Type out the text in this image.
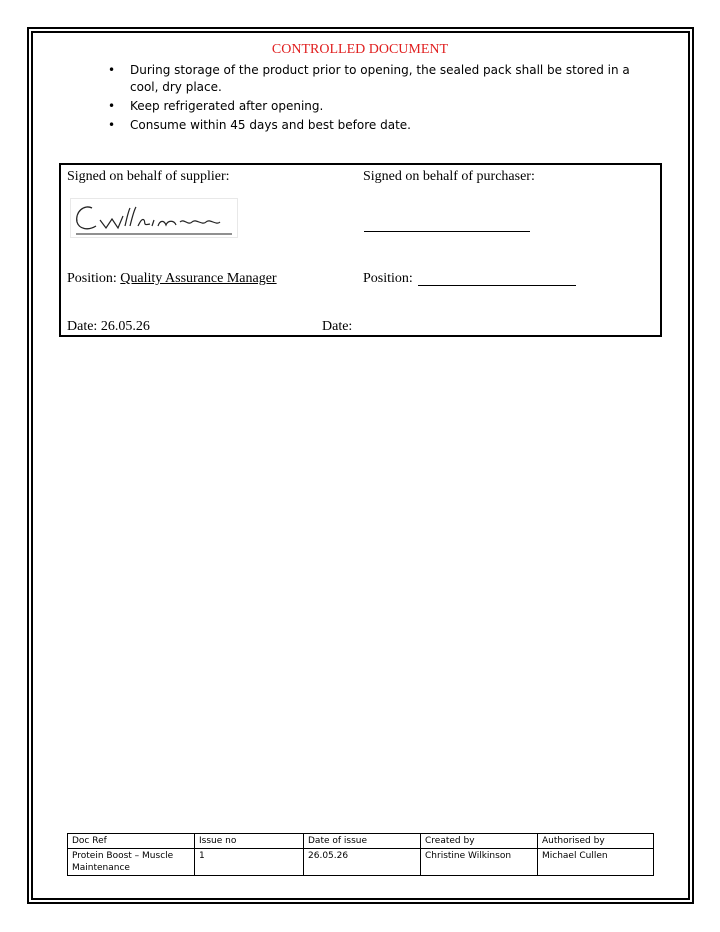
CONTROLLED DOCUMENT
• During storage of the product prior to opening, the sealed pack shall be stored in a cool, dry place.
• Keep refrigerated after opening.
• Consume within 45 days and best before date.
Signed on behalf of supplier:	Signed on behalf of purchaser:
Position: Quality Assurance Manager	Position:
Date: 26.05.26	Date:
Doc Ref	Issue no	Date of issue	Created by	Authorised by
Protein Boost – Muscle Maintenance	1	26.05.26	Christine Wilkinson	Michael Cullen
